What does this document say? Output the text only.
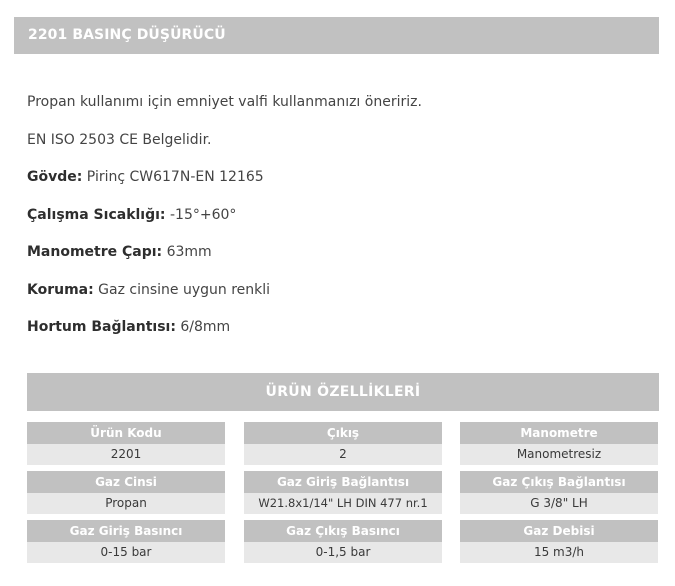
2201 BASINÇ DÜŞÜRÜCÜ
Propan kullanımı için emniyet valfi kullanmanızı öneririz.
EN ISO 2503 CE Belgelidir.
Gövde: Pirinç CW617N-EN 12165
Çalışma Sıcaklığı: -15°+60°
Manometre Çapı: 63mm
Koruma: Gaz cinsine uygun renkli
Hortum Bağlantısı: 6/8mm
ÜRÜN ÖZELLİKLERİ
Ürün Kodu
2201
Çıkış
2
Manometre
Manometresiz
Gaz Cinsi
Propan
Gaz Giriş Bağlantısı
W21.8x1/14" LH DIN 477 nr.1
Gaz Çıkış Bağlantısı
G 3/8" LH
Gaz Giriş Basıncı
0-15 bar
Gaz Çıkış Basıncı
0-1,5 bar
Gaz Debisi
15 m3/h
